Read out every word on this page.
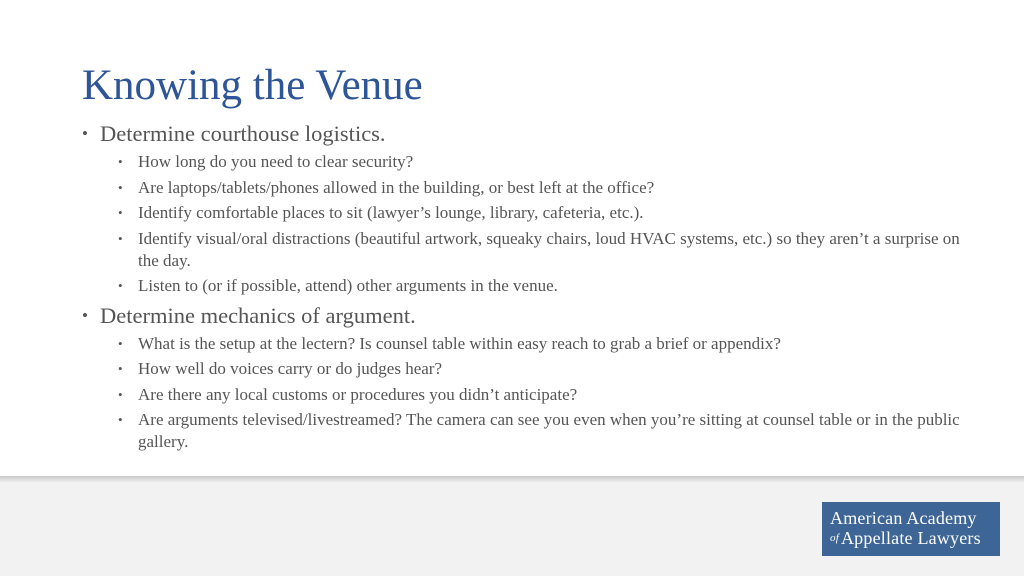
Knowing the Venue
• Determine courthouse logistics.
• How long do you need to clear security?
• Are laptops/tablets/phones allowed in the building, or best left at the office?
• Identify comfortable places to sit (lawyer’s lounge, library, cafeteria, etc.).
• Identify visual/oral distractions (beautiful artwork, squeaky chairs, loud HVAC systems, etc.) so they aren’t a surprise on the day.
• Listen to (or if possible, attend) other arguments in the venue.
• Determine mechanics of argument.
• What is the setup at the lectern? Is counsel table within easy reach to grab a brief or appendix?
• How well do voices carry or do judges hear?
• Are there any local customs or procedures you didn’t anticipate?
• Are arguments televised/livestreamed? The camera can see you even when you’re sitting at counsel table or in the public gallery.
American Academy
$^{of}$ Appellate Lawyers
